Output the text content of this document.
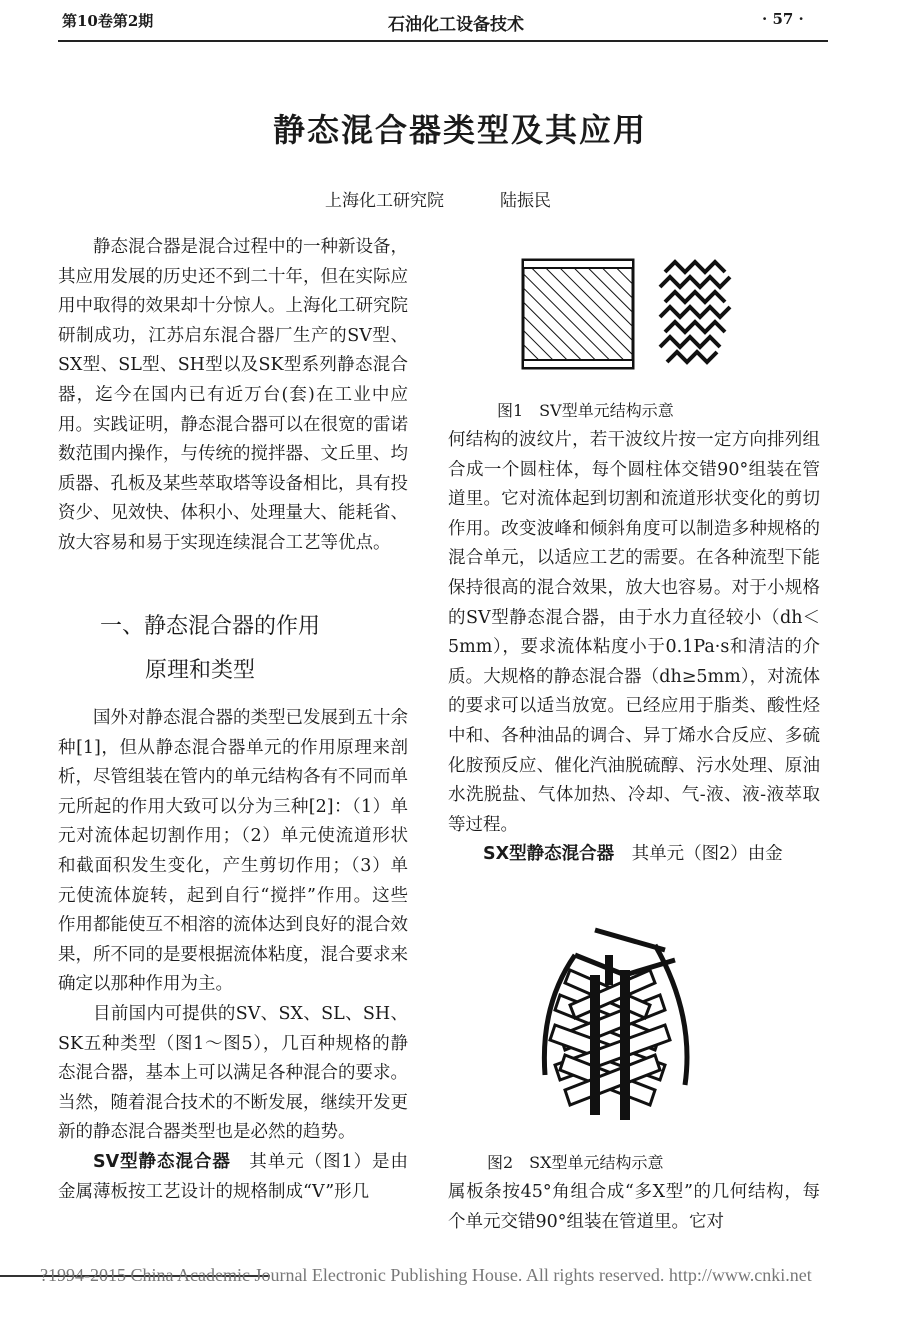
第10卷第2期	石油化工设备技术	· 57 ·
静态混合器类型及其应用
上海化工研究院	陆振民

静态混合器是混合过程中的一种新设备，其应用发展的历史还不到二十年，但在实际应用中取得的效果却十分惊人。上海化工研究院研制成功，江苏启东混合器厂生产的SV型、SX型、SL型、SH型以及SK型系列静态混合器，迄今在国内已有近万台(套)在工业中应用。实践证明，静态混合器可以在很宽的雷诺数范围内操作，与传统的搅拌器、文丘里、均质器、孔板及某些萃取塔等设备相比，具有投资少、见效快、体积小、处理量大、能耗省、放大容易和易于实现连续混合工艺等优点。

一、静态混合器的作用
原理和类型

国外对静态混合器的类型已发展到五十余种[1]，但从静态混合器单元的作用原理来剖析，尽管组装在管内的单元结构各有不同而单元所起的作用大致可以分为三种[2]：（1）单元对流体起切割作用；（2）单元使流道形状和截面积发生变化，产生剪切作用；（3）单元使流体旋转，起到自行“搅拌”作用。这些作用都能使互不相溶的流体达到良好的混合效果，所不同的是要根据流体粘度，混合要求来确定以那种作用为主。

目前国内可提供的SV、SX、SL、SH、SK五种类型（图1～图5），几百种规格的静态混合器，基本上可以满足各种混合的要求。当然，随着混合技术的不断发展，继续开发更新的静态混合器类型也是必然的趋势。

SV型静态混合器　 其单元（图1）是由金属薄板按工艺设计的规格制成“V”形几

图1　SV型单元结构示意

何结构的波纹片，若干波纹片按一定方向排列组合成一个圆柱体，每个圆柱体交错90°组装在管道里。它对流体起到切割和流道形状变化的剪切作用。改变波峰和倾斜角度可以制造多种规格的混合单元，以适应工艺的需要。在各种流型下能保持很高的混合效果，放大也容易。对于小规格的SV型静态混合器，由于水力直径较小（dh＜5mm），要求流体粘度小于0.1Pa·s和清洁的介质。大规格的静态混合器（dh≥5mm），对流体的要求可以适当放宽。已经应用于脂类、酸性烃中和、各种油品的调合、异丁烯水合反应、多硫化胺预反应、催化汽油脱硫醇、污水处理、原油水洗脱盐、气体加热、冷却、气-液、液-液萃取等过程。

SX型静态混合器　 其单元（图2）由金

图2　SX型单元结构示意

属板条按45°角组合成“多X型”的几何结构，每个单元交错90°组装在管道里。它对

?1994-2015 China Academic Journal Electronic Publishing House. All rights reserved. http://www.cnki.net
